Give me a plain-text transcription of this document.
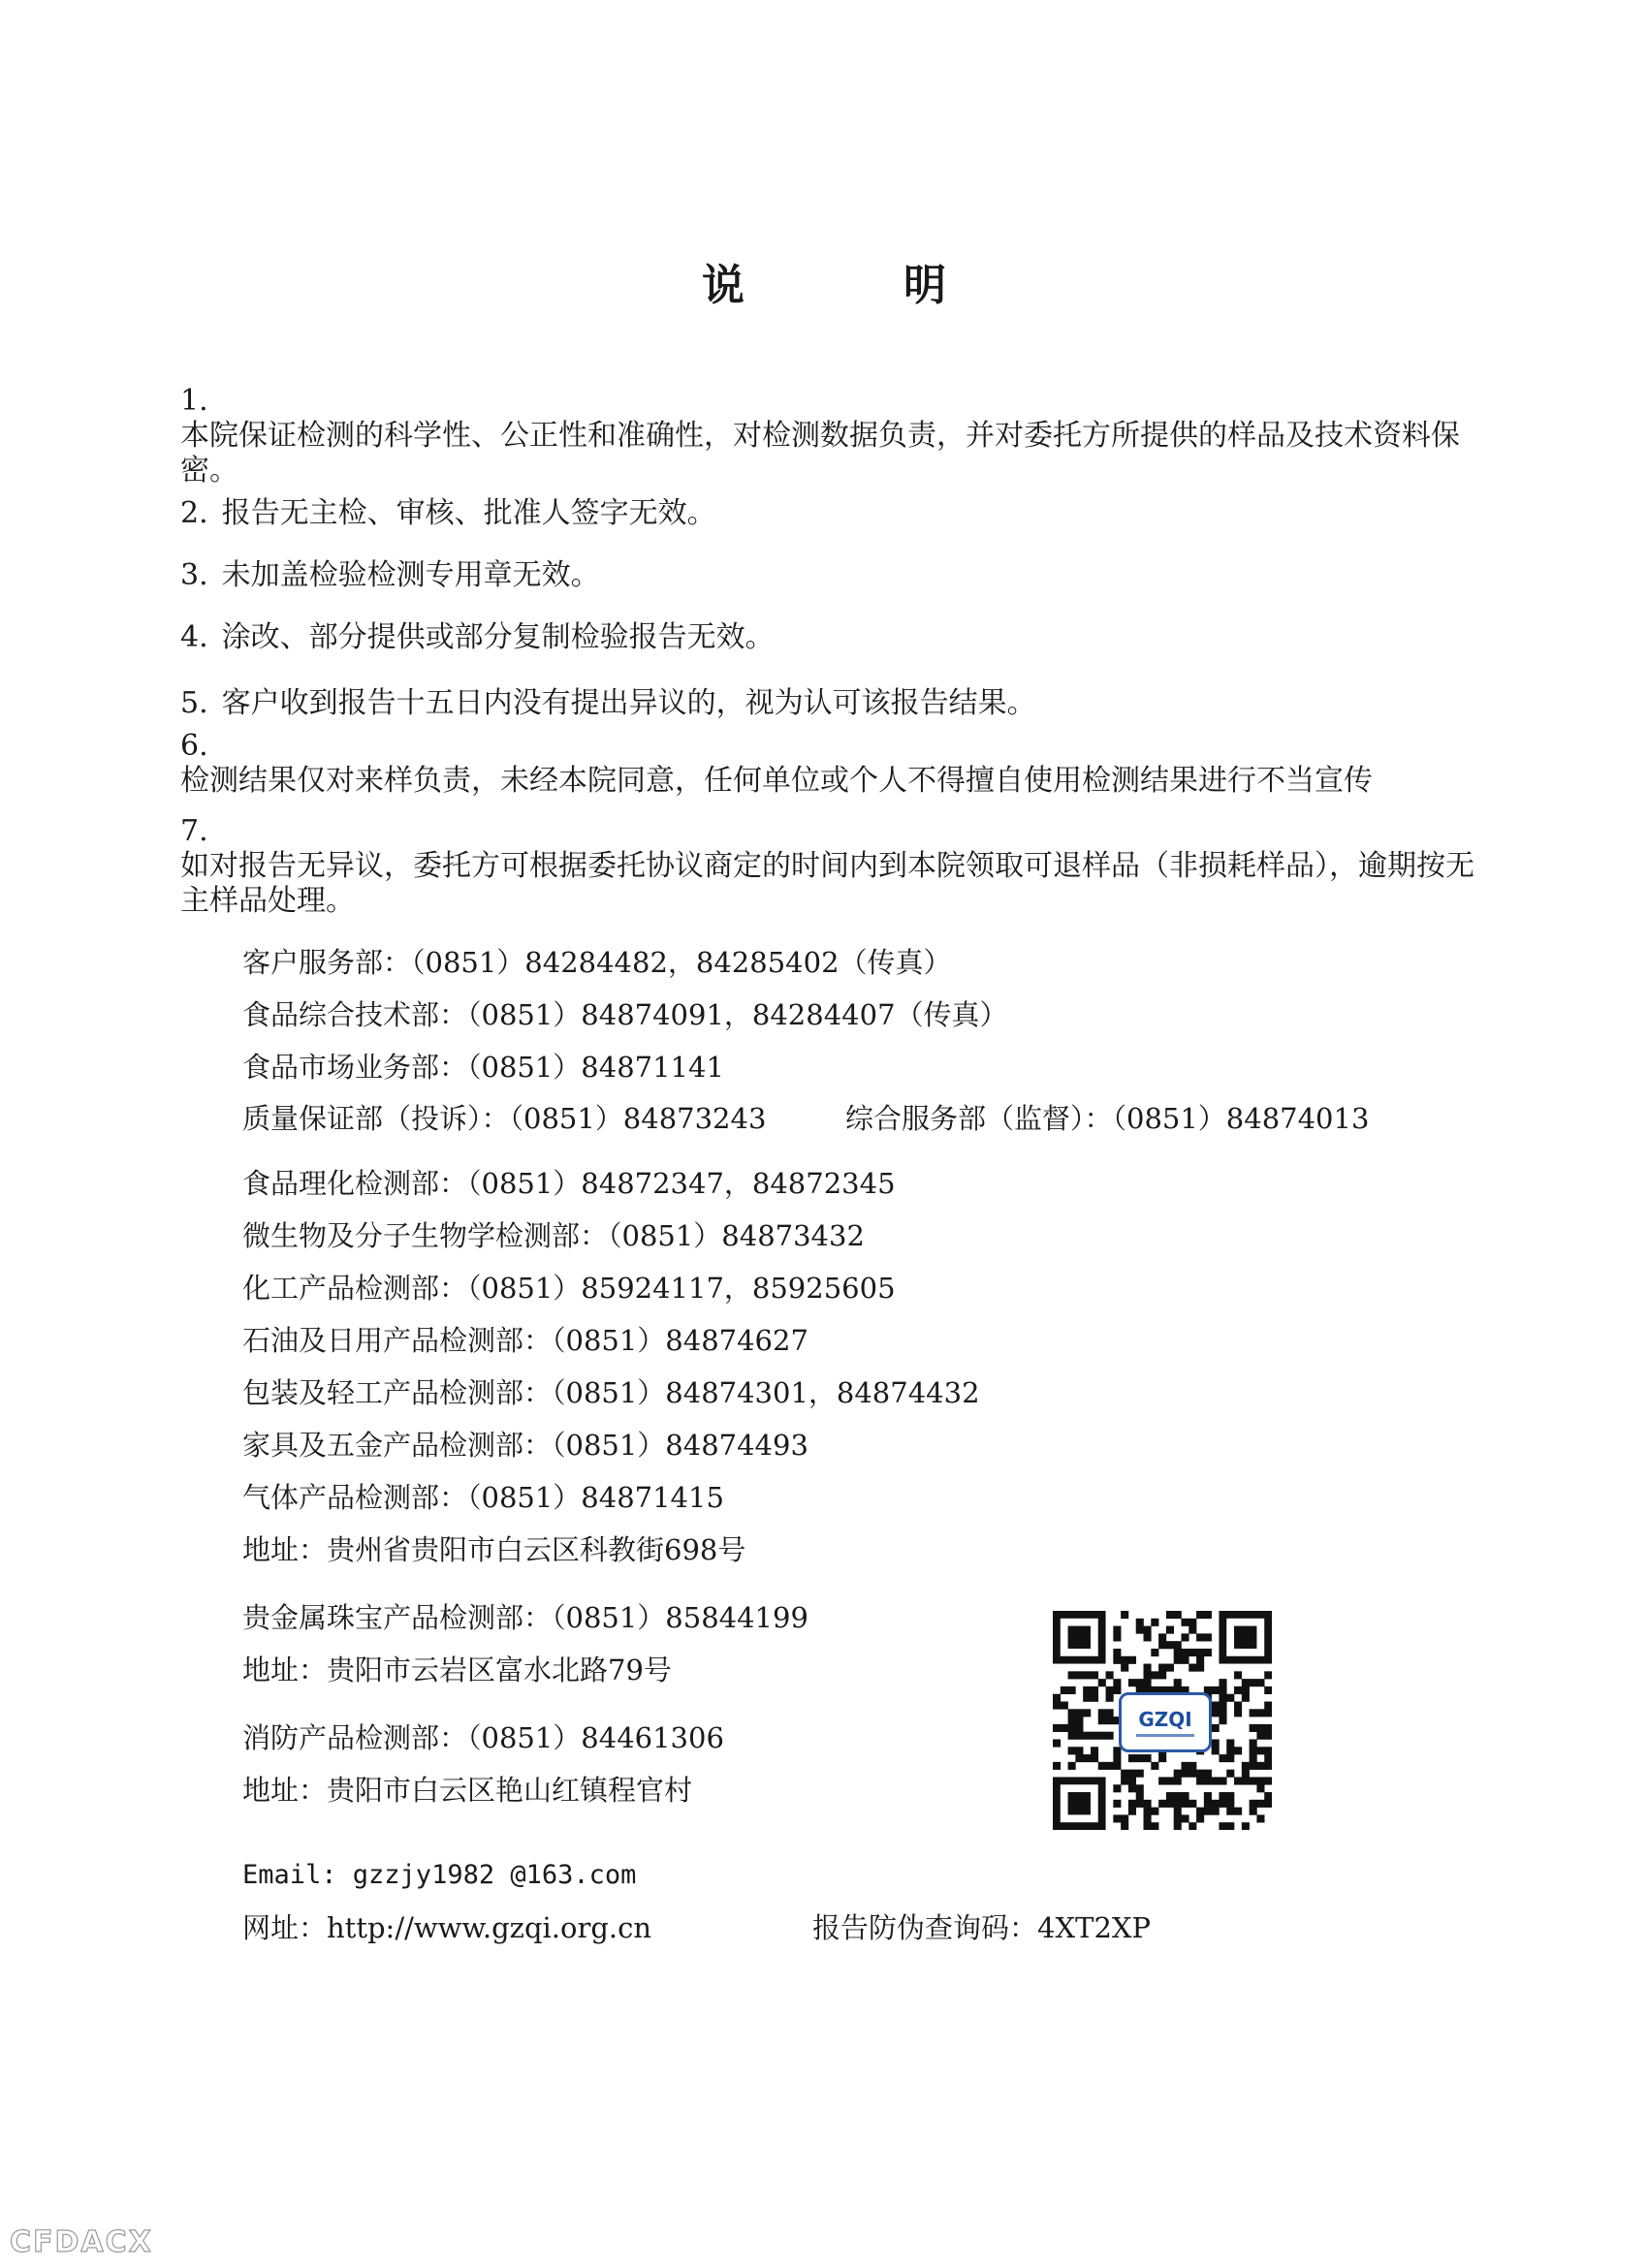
说　明
1.
本院保证检测的科学性、公正性和准确性，对检测数据负责，并对委托方所提供的样品及技术资料保密。
2. 报告无主检、审核、批准人签字无效。
3. 未加盖检验检测专用章无效。
4. 涂改、部分提供或部分复制检验报告无效。
5. 客户收到报告十五日内没有提出异议的，视为认可该报告结果。
6.
检测结果仅对来样负责，未经本院同意，任何单位或个人不得擅自使用检测结果进行不当宣传
7.
如对报告无异议，委托方可根据委托协议商定的时间内到本院领取可退样品（非损耗样品），逾期按无主样品处理。
客户服务部：（0851）84284482，84285402（传真）
食品综合技术部：（0851）84874091，84284407（传真）
食品市场业务部：（0851）84871141
质量保证部（投诉）：（0851）84873243	综合服务部（监督）：（0851）84874013
食品理化检测部：（0851）84872347，84872345
微生物及分子生物学检测部：（0851）84873432
化工产品检测部：（0851）85924117，85925605
石油及日用产品检测部：（0851）84874627
包装及轻工产品检测部：（0851）84874301，84874432
家具及五金产品检测部：（0851）84874493
气体产品检测部：（0851）84871415
地址：贵州省贵阳市白云区科教街698号
贵金属珠宝产品检测部：（0851）85844199
地址：贵阳市云岩区富水北路79号
消防产品检测部：（0851）84461306
地址：贵阳市白云区艳山红镇程官村
Email: gzzjy1982 @163.com
网址：http://www.gzqi.org.cn	报告防伪查询码：4XT2XP
GZQI
CFDACX
